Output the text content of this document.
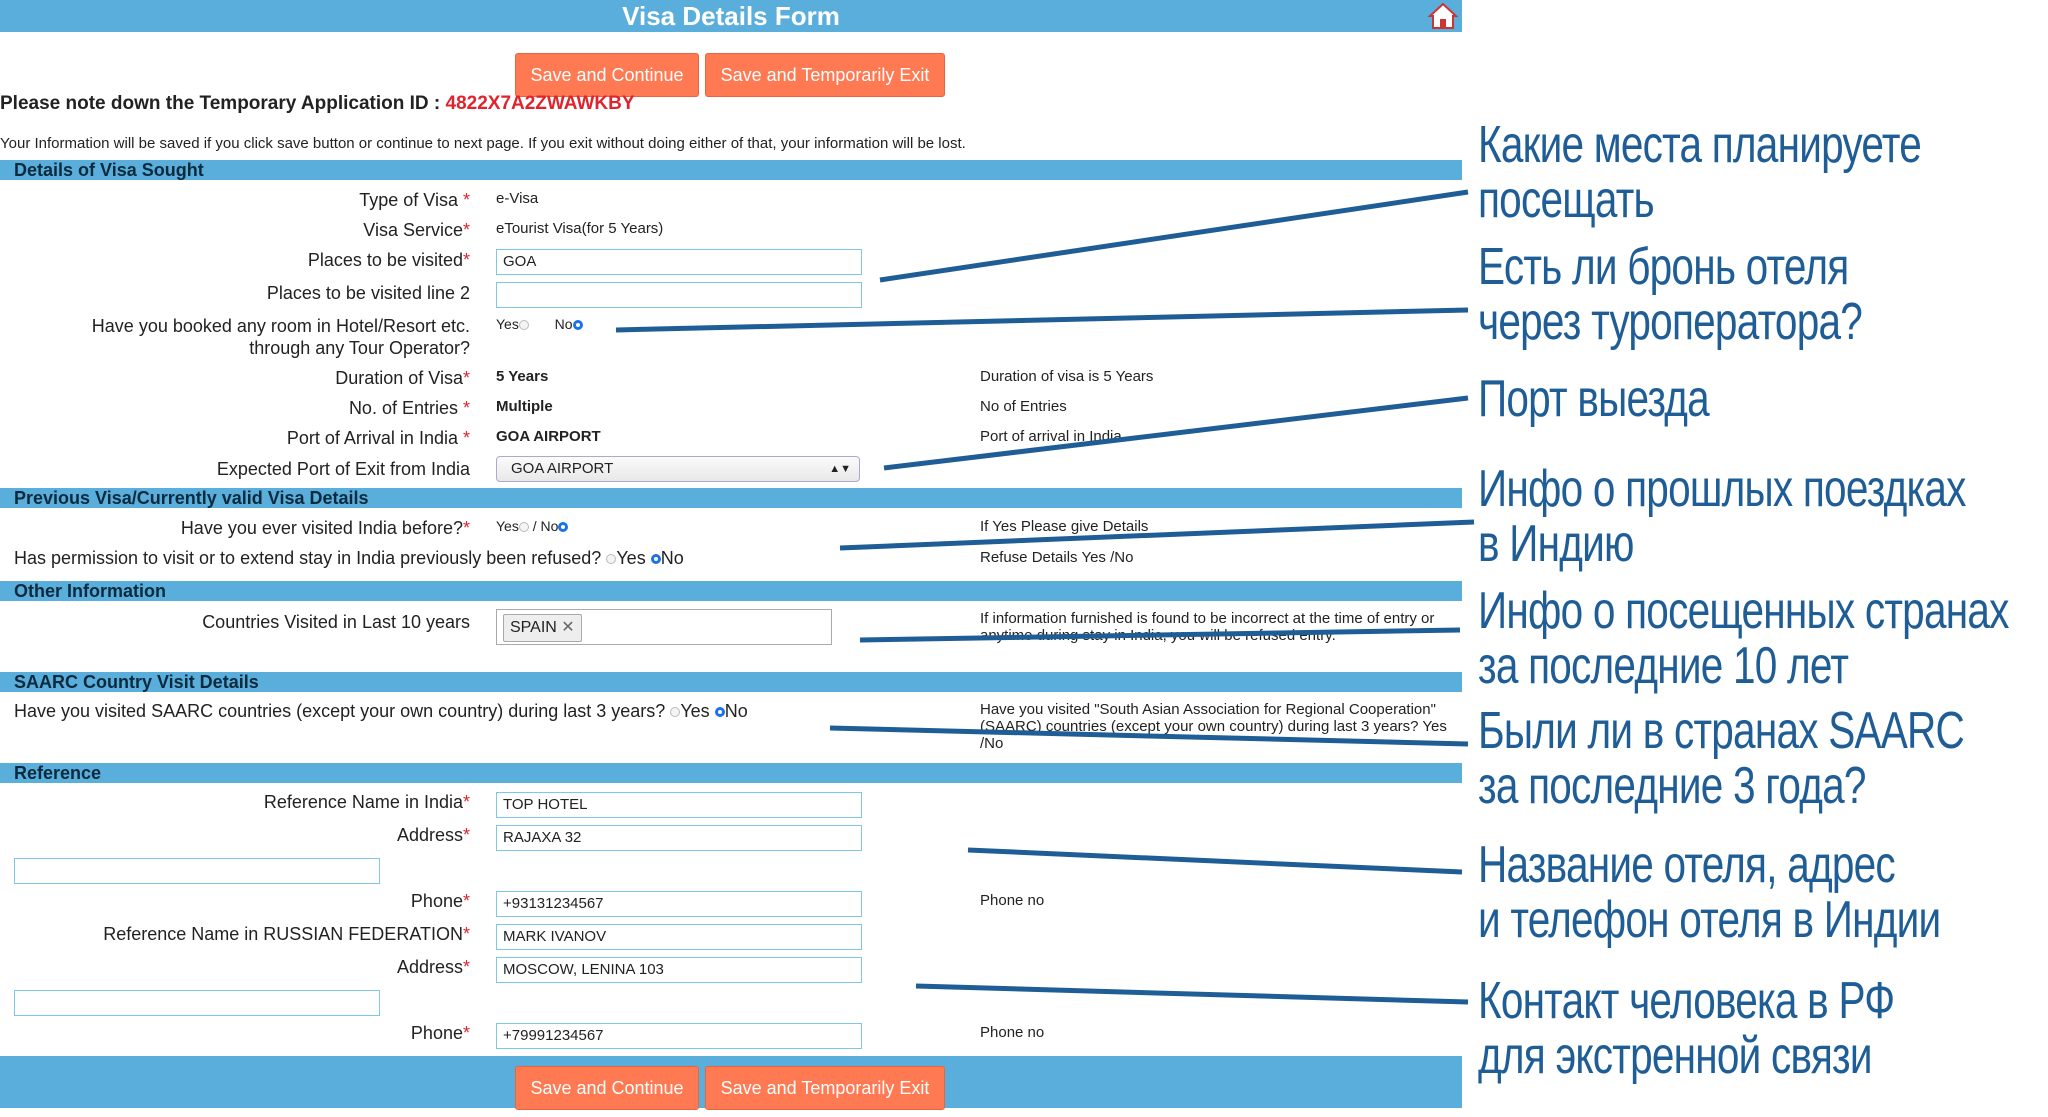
Visa Details Form
Save and Continue	Save and Temporarily Exit
Please note down the Temporary Application ID : 4822X7A2ZWAWKBY
Your Information will be saved if you click save button or continue to next page. If you exit without doing either of that, your information will be lost.
Details of Visa Sought
Type of Visa * e-Visa
Visa Service* eTourist Visa(for 5 Years)
Places to be visited*	GOA
Places to be visited line 2
Have you booked any room in Hotel/Resort etc.
through any Tour Operator?
Yes	No
Duration of Visa* 5 Years	Duration of visa is 5 Years
No. of Entries * Multiple	No of Entries
Port of Arrival in India * GOA AIRPORT	Port of arrival in India
Expected Port of Exit from India	GOA AIRPORT	▲▼
Previous Visa/Currently valid Visa Details
Have you ever visited India before?* Yes / No	If Yes Please give Details
Has permission to visit or to extend stay in India previously been refused? Yes No	Refuse Details Yes /No
Other Information
Countries Visited in Last 10 years	SPAIN ✕
If information furnished is found to be incorrect at the time of entry or anytime during stay in India, you will be refused entry.
SAARC Country Visit Details
Have you visited SAARC countries (except your own country) during last 3 years? Yes No	Have you visited "South Asian Association for Regional Cooperation" (SAARC) countries (except your own country) during last 3 years? Yes /No
Reference
Reference Name in India*	TOP HOTEL
Address*	RAJAXA 32
Phone*	+93131234567	Phone no
Reference Name in RUSSIAN FEDERATION*	MARK IVANOV
Address*	MOSCOW, LENINA 103
Phone*	+79991234567	Phone no
Save and Continue	Save and Temporarily Exit
Какие места планируете
посещать
Есть ли бронь отеля
через туроператора?
Порт выезда
Инфо о прошлых поездках
в Индию
Инфо о посещенных странах
за последние 10 лет
Были ли в странах SAARC
за последние 3 года?
Название отеля, адрес
и телефон отеля в Индии
Контакт человека в РФ
для экстренной связи
